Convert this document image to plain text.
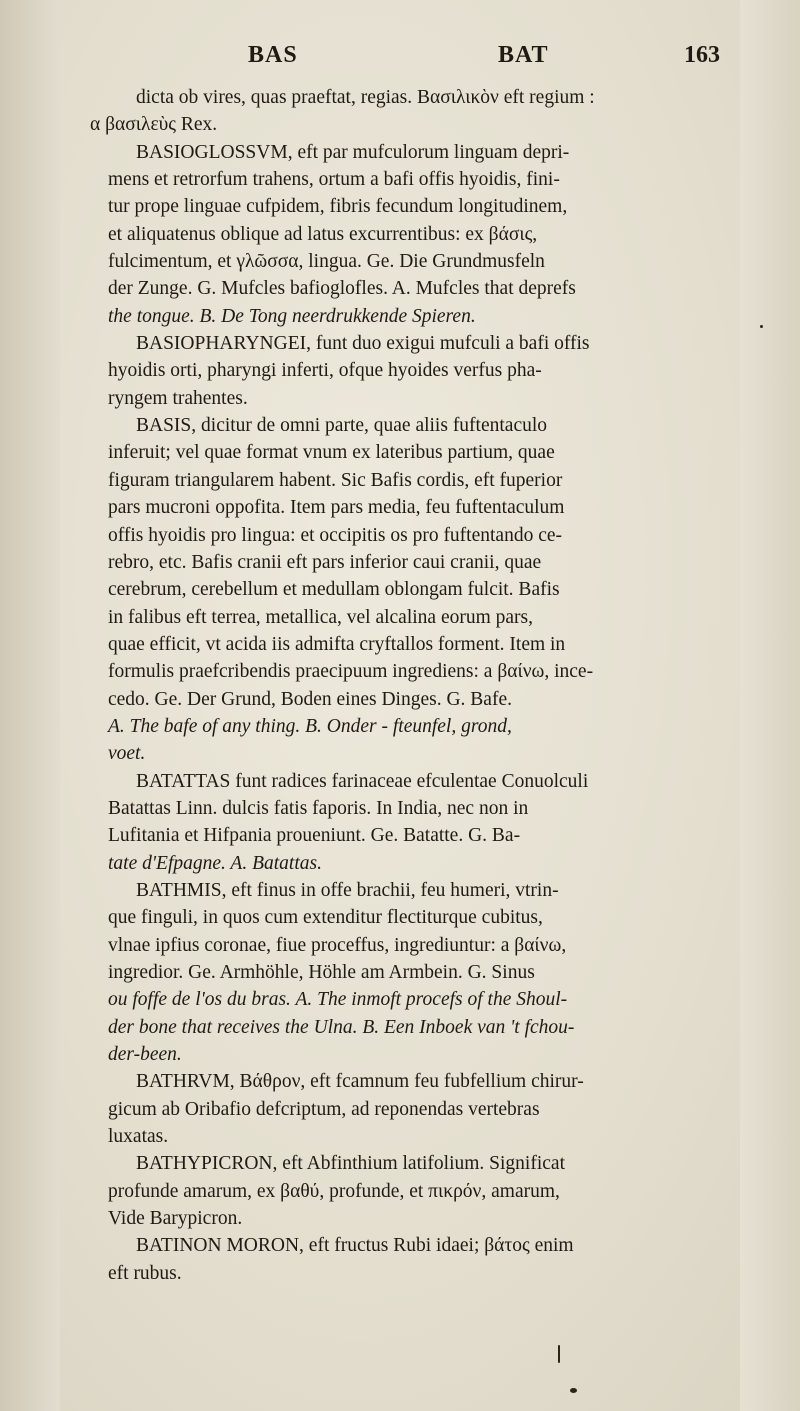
BAS	BAT	163
dicta ob vires, quas praeftat, regias. Βασιλικὸν eft regium :
α βασιλεὺς Rex.
BASIOGLOSSVM, eft par mufculorum linguam depri-
mens et retrorfum trahens, ortum a bafi offis hyoidis, fini-
tur prope linguae cufpidem, fibris fecundum longitudinem,
et aliquatenus oblique ad latus excurrentibus: ex βάσις,
fulcimentum, et γλῶσσα, lingua. Ge. Die Grundmusfeln
der Zunge. G. Mufcles bafioglofles. A. Mufcles that deprefs
the tongue. B. De Tong neerdrukkende Spieren.
BASIOPHARYNGEI, funt duo exigui mufculi a bafi offis
hyoidis orti, pharyngi inferti, ofque hyoides verfus pha-
ryngem trahentes.
BASIS, dicitur de omni parte, quae aliis fuftentaculo
inferuit; vel quae format vnum ex lateribus partium, quae
figuram triangularem habent. Sic Bafis cordis, eft fuperior
pars mucroni oppofita. Item pars media, feu fuftentaculum
offis hyoidis pro lingua: et occipitis os pro fuftentando ce-
rebro, etc. Bafis cranii eft pars inferior caui cranii, quae
cerebrum, cerebellum et medullam oblongam fulcit. Bafis
in falibus eft terrea, metallica, vel alcalina eorum pars,
quae efficit, vt acida iis admifta cryftallos forment. Item in
formulis praefcribendis praecipuum ingrediens: a βαίνω, ince-
cedo. Ge. Der Grund, Boden eines Dinges. G. Bafe.
A. The bafe of any thing. B. Onder - fteunfel, grond,
voet.
BATATTAS funt radices farinaceae efculentae Conuolculi
Batattas Linn. dulcis fatis faporis. In India, nec non in
Lufitania et Hifpania proueniunt. Ge. Batatte. G. Ba-
tate d'Efpagne. A. Batattas.
BATHMIS, eft finus in offe brachii, feu humeri, vtrin-
que finguli, in quos cum extenditur flectiturque cubitus,
vlnae ipfius coronae, fiue proceffus, ingrediuntur: a βαίνω,
ingredior. Ge. Armhöhle, Höhle am Armbein. G. Sinus
ou foffe de l'os du bras. A. The inmoft procefs of the Shoul-
der bone that receives the Ulna. B. Een Inboek van 't fchou-
der-been.
BATHRVM, Βάθρον, eft fcamnum feu fubfellium chirur-
gicum ab Oribafio defcriptum, ad reponendas vertebras
luxatas.
BATHYPICRON, eft Abfinthium latifolium. Significat
profunde amarum, ex βαθύ, profunde, et πικρόν, amarum,
Vide Barypicron.
BATINON MORON, eft fructus Rubi idaei; βάτος enim
eft rubus.
